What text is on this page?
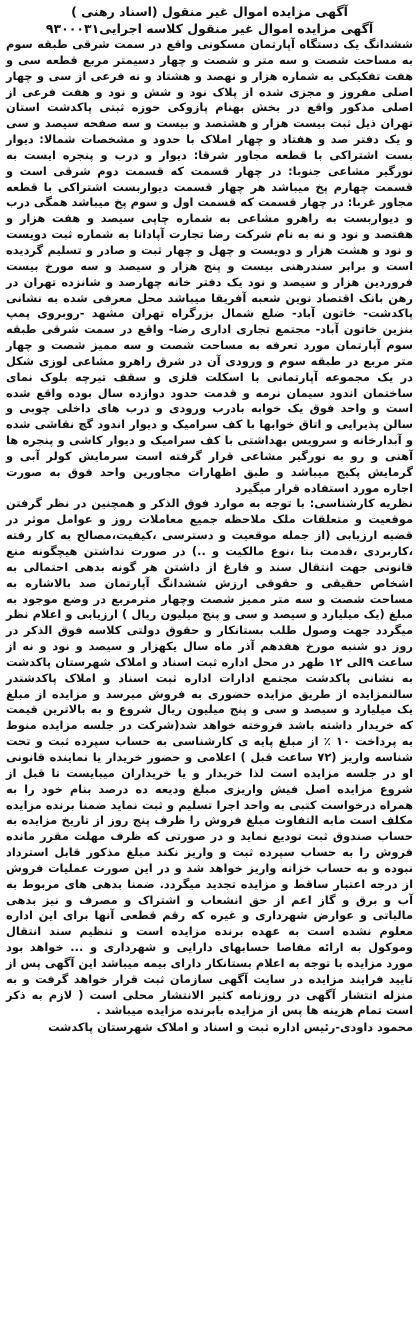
آگهی مزایده اموال غیر منقول (اسناد رهنی )
آگهی مزایده اموال غیر منقول کلاسه اجرایی۹۳۰۰۰۳۱

ششدانگ یک دستگاه آپارتمان مسکونی واقع در سمت شرقی طبقه سوم به مساحت شصت و سه متر و شصت و چهار دسیمتر مربع قطعه سی و هفت تفکیکی به شماره هزار و نهصد و هشتاد و نه فرعی از سی و چهار اصلی مفروز و مجزی شده از پلاک نود و شش و نود و هفت فرعی از اصلی مذکور واقع در بخش بهنام پازوکی حوزه ثبتی پاکدشت استان تهران ذیل ثبت بیست هزار و هشتصد و بیست و سه صفحه سیصد و سی و یک دفتر صد و هفتاد و چهار املاک با حدود و مشخصات شمالا: دیوار بست اشتراکی با قطعه مجاور شرقا: دیوار و درب و پنجره ایست به نورگیر مشاعی جنوبا: در چهار قسمت که قسمت دوم شرقی است و قسمت چهارم پخ میباشد هر چهار قسمت دیواربست اشتراکی با قطعه مجاور غربا: در چهار قسمت که قسمت اول و سوم پخ میباشد همگی درب و دیواربست به راهرو مشاعی به شماره چاپی سیصد و هفت هزار و هفتصد و نود و نه به نام شرکت رضا تجارت آپادانا به شماره ثبت دویست و نود و هشت هزار و دویست و چهل و چهار ثبت و صادر و تسلیم گردیده است و برابر سندرهنی بیست و پنج هزار و سیصد و سه مورخ بیست فروردین هزار و سیصد و نود یک دفتر خانه چهارصد و شانزده تهران در رهن بانک اقتصاد نوین شعبه آفریقا میباشد محل معرفی شده به نشانی پاکدشت- خاتون آباد- ضلع شمال بزرگراه تهران مشهد -روبروی پمپ بنزین خاتون آباد- مجتمع تجاری اداری رضا- واقع در سمت شرقی طبقه سوم آپارتمان مورد تعرفه به مساحت شصت و سه ممیز شصت و چهار متر مربع در طبقه سوم و ورودی آن در شرق راهرو مشاعی لوزی شکل در یک مجموعه آپارتمانی با اسکلت فلزی و سقف تیرچه بلوک نمای ساختمان اندود سیمان نرمه و قدمت حدود دوازده سال بوده واقع شده است و واحد فوق یک خوابه بادرب ورودی و درب های داخلی چوبی و سالن پذیرایی و اتاق خوابها با کف سرامیک و دیوار اندود گچ نقاشی شده و آبدارخانه و سرویس بهداشتی با کف سرامیک و دیوار کاشی و پنجره ها آهنی و رو به نورگیر مشاعی قرار گرفته است سرمایش کولر آبی و گرمایش پکیج میباشد و طبق اظهارات مجاورین واحد فوق به صورت اجاره مورد استفاده قرار میگیرد

نظریه کارشناسی: با توجه به موارد فوق الذکر و همچنین در نظر گرفتن موقعیت و متعلقات ملک ملاحظه جمیع معاملات روز و عوامل موثر در قضیه ارزیابی (از جمله موقعیت و دسترسی ،کیفیت،مصالح به کار رفته ،کاربردی ،قدمت بنا ،نوع مالکیت و ..) در صورت نداشتن هیچگونه منع قانونی جهت انتقال سند و فارغ از داشتن هر گونه بدهی احتمالی به اشخاص حقیقی و حقوقی ارزش ششدانگ آپارتمان صد بالاشاره به مساحت شصت و سه متر ممیز شصت وچهار مترمربع در وضع موجود به مبلغ (یک میلیارد و سیصد و سی و پنج میلیون ریال ) ارزیابی و اعلام نظر میگردد جهت وصول طلب بستانکار و حقوق دولتی کلاسه فوق الذکر در روز دو شنبه مورخ هفدهم آذر ماه سال یکهزار و سیصد و نود و نه از ساعت ۹الی ۱۲ ظهر در محل اداره ثبت اسناد و املاک شهرستان پاکدشت به نشانی پاکدشت مجتمع ادارات اداره ثبت اسناد و املاک پاکدشتدر سالنمزایده از طریق مزایده حضوری به فروش میرسد و مزایده از مبلغ یک میلیارد و سیصد و سی و پنج میلیون ریال شروع و به بالاترین قیمت که خریدار داشته باشد فروخته خواهد شد(شرکت در جلسه مزایده منوط به پرداخت ۱۰ ٪ از مبلغ پایه ی کارشناسی به حساب سپرده ثبت و تحت شناسه واریز (۷۲ ساعت قبل ) اعلامی و حضور خریدار یا نماینده قانونی او در جلسه مزایده است لذا خریدار و یا خریداران میبایست تا قبل از شروع مزایده اصل فیش واریزی مبلغ ودیعه ده درصد بنام خود را به همراه درخواست کتبی به واحد اجرا تسلیم و ثبت نماید ضمنا برنده مزایده مکلف است مابه التفاوت مبلغ فروش را ظرف پنج روز از تاریخ مزایده به حساب صندوق ثبت تودیع نماید و در صورتی که ظرف مهلت مقرر مانده فروش را به حساب سپرده ثبت و واریز نکند مبلغ مذکور قابل استرداد نبوده و به حساب خزانه واریز خواهد شد و در این صورت عملیات فروش از درجه اعتبار ساقط و مزایده تجدید میگردد. ضمنا بدهی های مربوط به آب و برق و گاز اعم از حق انشعاب و اشتراک و مصرف و نیز بدهی مالیاتی و عوارض شهرداری و غیره که رقم قطعی آنها برای این اداره معلوم نشده است به عهده برنده مزایده است و تنظیم سند انتقال وموکول به ارائه مفاصا حسابهای دارایی و شهرداری و ... خواهد بود مورد مزایده با توجه به اعلام بستانکار دارای بیمه میباشد این آگهی پس از تایید فرایند مزایده در سایت آگهی سازمان ثبت قرار خواهد گرفت و به منزله انتشار آگهی در روزنامه کثیر الانتشار محلی است ( لازم به ذکر است تمام هزینه ها پس از مزایده بابرنده مزایده میباشد .

محمود داودی-رئیس اداره ثبت و اسناد و املاک شهرستان پاکدشت
